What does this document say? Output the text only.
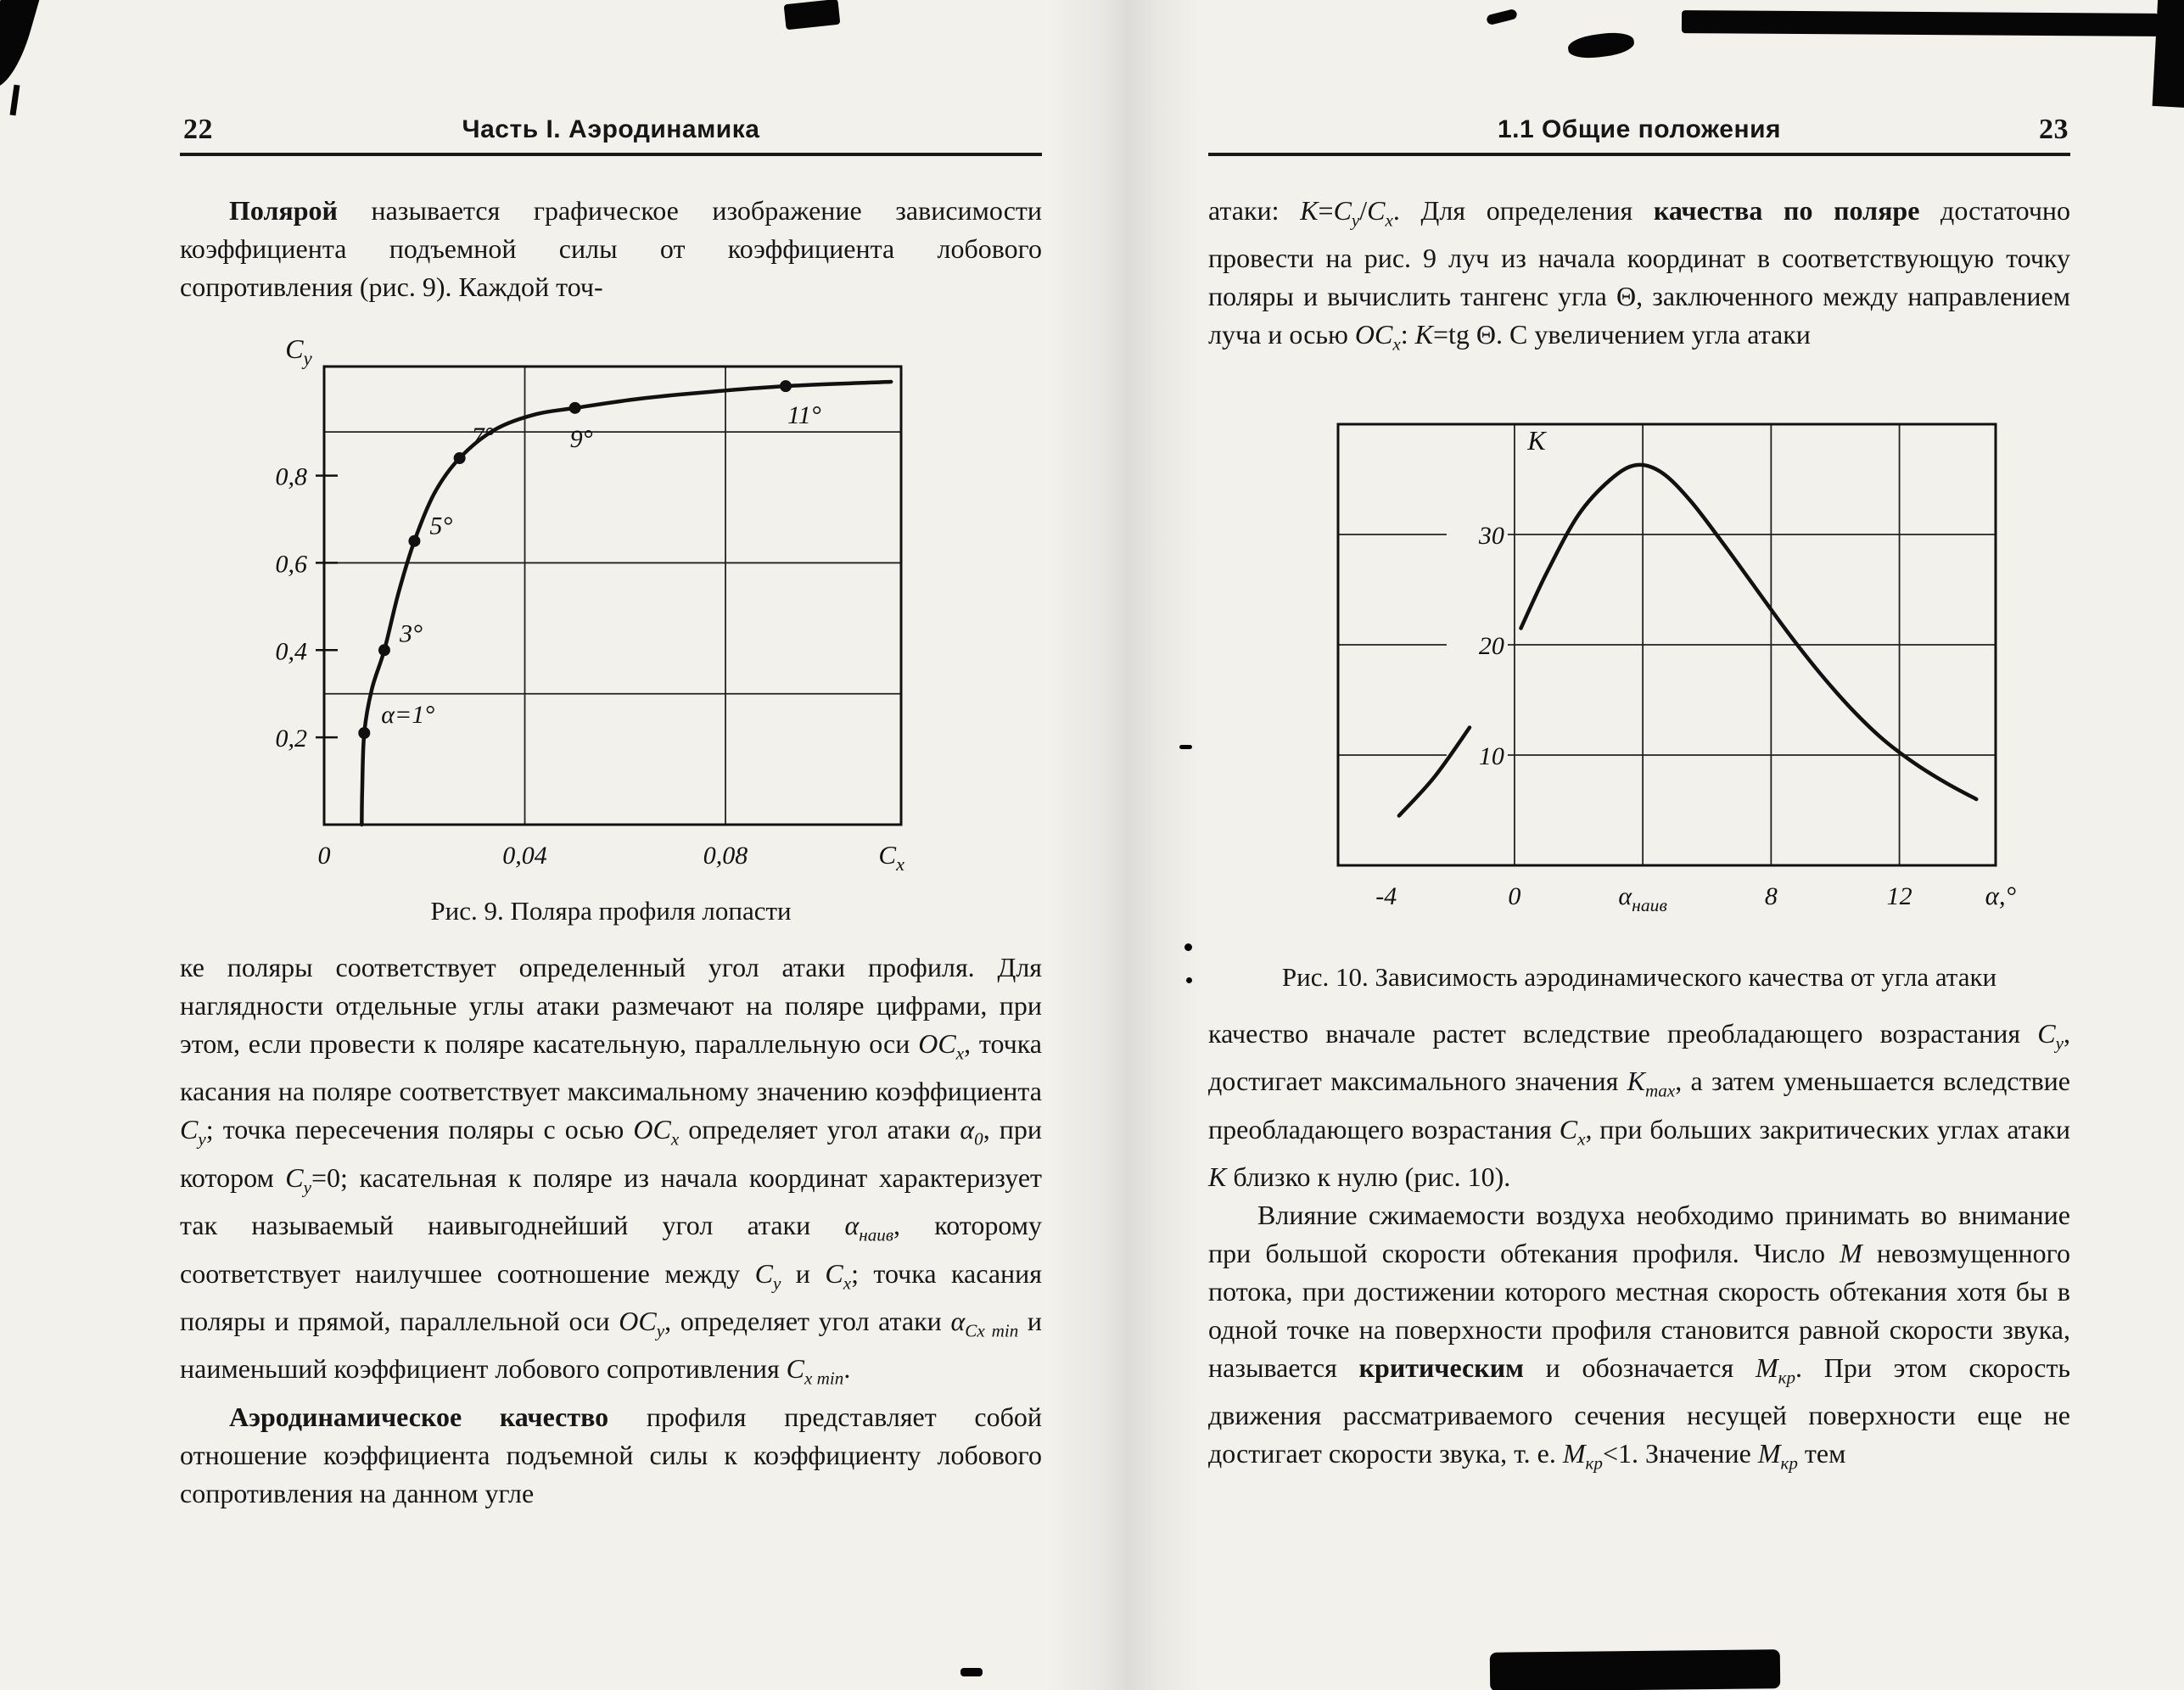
22	Часть I. Аэродинамика

Полярой называется графическое изображение зависимости коэффициента подъемной силы от коэффициента лобового сопротивления (рис. 9). Каждой точ-

0,2
0,4
0,6
0,8
0	0,04	0,08
$C_у$
$C_х$
α=1°
3°
5°
7°	9°
11°
Рис. 9. Поляра профиля лопасти

ке поляры соответствует определенный угол атаки профиля. Для наглядности отдельные углы атаки размечают на поляре цифрами, при этом, если провести к поляре касательную, параллельную оси $OC_x$, точка касания на поляре соответствует максимальному значению коэффициента $C_y$; точка пересечения поляры с осью $OC_x$ определяет угол атаки $\alpha_0$, при котором $C_y=0$; касательная к поляре из начала координат характеризует так называемый наивыгоднейший угол атаки $\alpha_{наив}$, которому соответствует наилучшее соотношение между $C_y$ и $C_x$; точка касания поляры и прямой, параллельной оси $OC_y$, определяет угол атаки $\alpha_{Cx min}$ и наименьший коэффициент лобового сопротивления $C_{x min}$.

Аэродинамическое качество профиля представляет собой отношение коэффициента подъемной силы к коэффициенту лобового сопротивления на данном угле

1.1 Общие положения	23

атаки: $K=C_y/C_x$. Для определения качества по поляре достаточно провести на рис. 9 луч из начала координат в соответствующую точку поляры и вычислить тангенс угла Θ, заключенного между направлением луча и осью $OC_x$: K=tg Θ. С увеличением угла атаки

10
20
30
-4	0	$\alpha_{наив}$	8	12
K
α,°
Рис. 10. Зависимость аэродинамического качества от угла атаки

качество вначале растет вследствие преобладающего возрастания $C_y$, достигает максимального значения $K_{max}$, а затем уменьшается вследствие преобладающего возрастания $C_x$, при больших закритических углах атаки K близко к нулю (рис. 10).

Влияние сжимаемости воздуха необходимо принимать во внимание при большой скорости обтекания профиля. Число M невозмущенного потока, при достижении которого местная скорость обтекания хотя бы в одной точке на поверхности профиля становится равной скорости звука, называется критическим и обозначается $M_{кр}$. При этом скорость движения рассматриваемого сечения несущей поверхности еще не достигает скорости звука, т. е. $M_{кр}<1$. Значение $M_{кр}$ тем
